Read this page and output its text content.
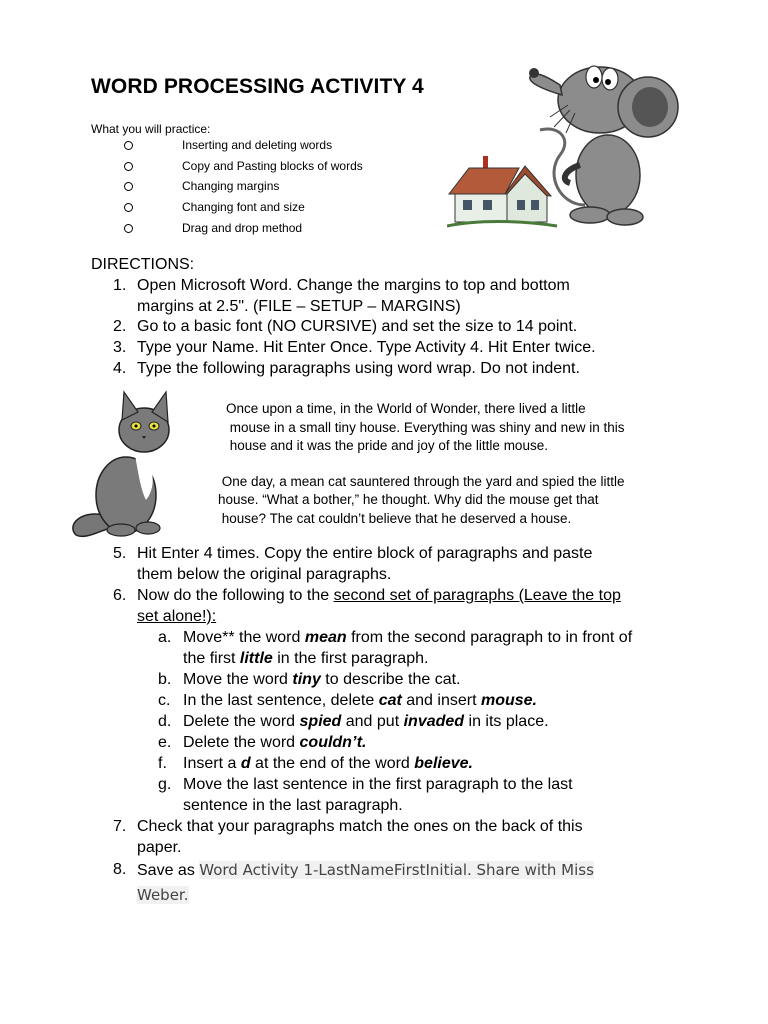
WORD PROCESSING ACTIVITY 4
What you will practice:
Inserting and deleting words
Copy and Pasting blocks of words
Changing margins
Changing font and size
Drag and drop method
DIRECTIONS:
1. Open Microsoft Word. Change the margins to top and bottom
margins at 2.5". (FILE – SETUP – MARGINS)
2. Go to a basic font (NO CURSIVE) and set the size to 14 point.
3. Type your Name. Hit Enter Once. Type Activity 4. Hit Enter twice.
4. Type the following paragraphs using word wrap. Do not indent.

Once upon a time, in the World of Wonder, there lived a little
mouse in a small tiny house. Everything was shiny and new in this
house and it was the pride and joy of the little mouse.

One day, a mean cat sauntered through the yard and spied the little
house. “What a bother,” he thought. Why did the mouse get that
house? The cat couldn’t believe that he deserved a house.

5. Hit Enter 4 times. Copy the entire block of paragraphs and paste
them below the original paragraphs.
6. Now do the following to the second set of paragraphs (Leave the top
set alone!):
a. Move** the word mean from the second paragraph to in front of
the first little in the first paragraph.
b. Move the word tiny to describe the cat.
c. In the last sentence, delete cat and insert mouse.
d. Delete the word spied and put invaded in its place.
e. Delete the word couldn’t.
f. Insert a d at the end of the word believe.
g. Move the last sentence in the first paragraph to the last
sentence in the last paragraph.
7. Check that your paragraphs match the ones on the back of this
paper.
8. Save as Word Activity 1-LastNameFirstInitial. Share with Miss
Weber.
